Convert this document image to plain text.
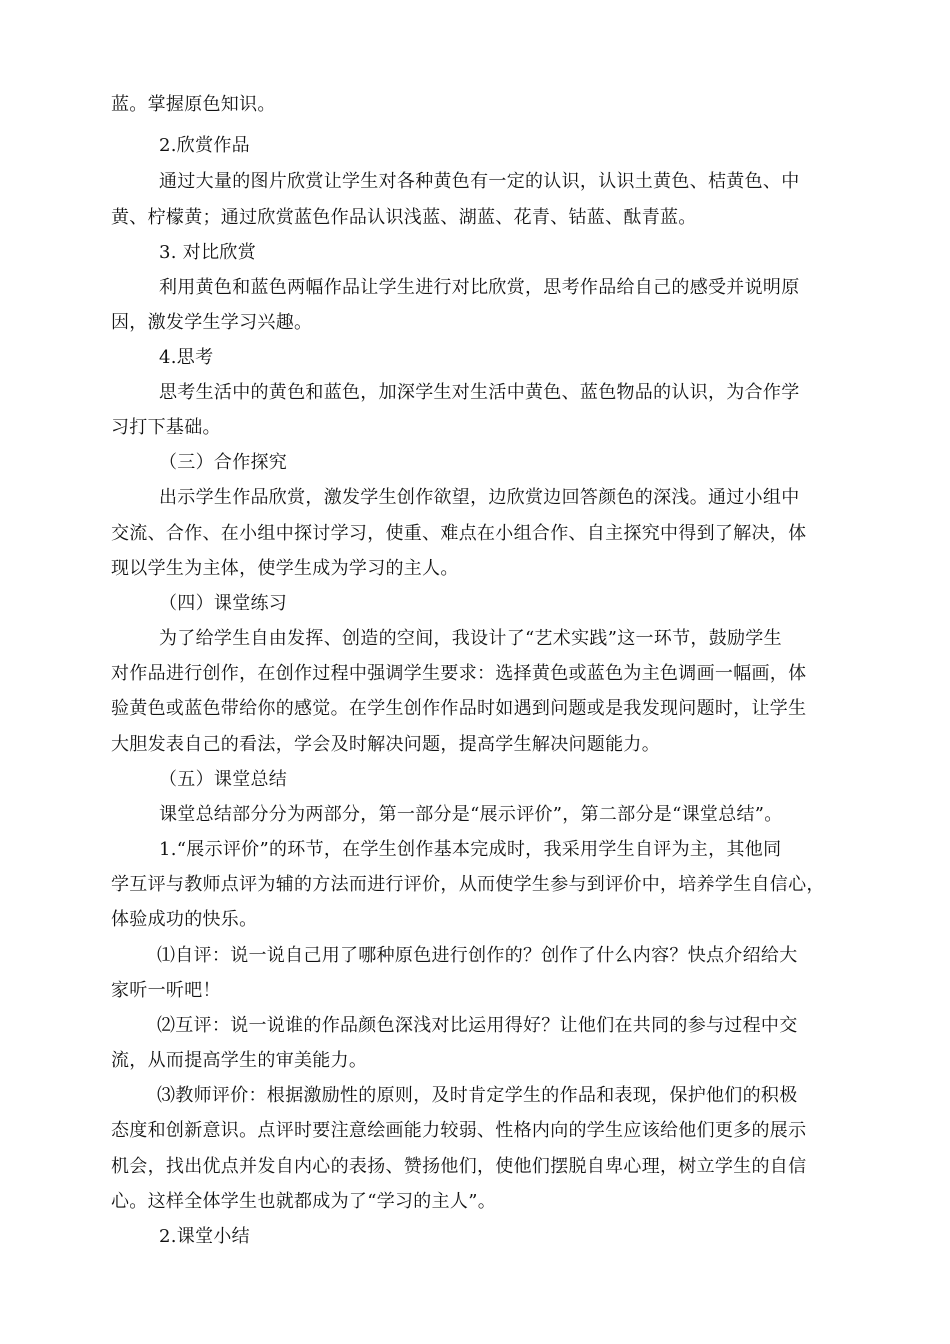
蓝。掌握原色知识。
2.欣赏作品
通过大量的图片欣赏让学生对各种黄色有一定的认识，认识土黄色、桔黄色、中
黄、柠檬黄；通过欣赏蓝色作品认识浅蓝、湖蓝、花青、钴蓝、酞青蓝。
3. 对比欣赏
利用黄色和蓝色两幅作品让学生进行对比欣赏，思考作品给自己的感受并说明原
因，激发学生学习兴趣。
4.思考
思考生活中的黄色和蓝色，加深学生对生活中黄色、蓝色物品的认识，为合作学
习打下基础。
（三）合作探究
出示学生作品欣赏，激发学生创作欲望，边欣赏边回答颜色的深浅。通过小组中
交流、合作、在小组中探讨学习，使重、难点在小组合作、自主探究中得到了解决，体
现以学生为主体，使学生成为学习的主人。
（四）课堂练习
为了给学生自由发挥、创造的空间，我设计了“艺术实践”这一环节，鼓励学生
对作品进行创作，在创作过程中强调学生要求：选择黄色或蓝色为主色调画一幅画，体
验黄色或蓝色带给你的感觉。在学生创作作品时如遇到问题或是我发现问题时，让学生
大胆发表自己的看法，学会及时解决问题，提高学生解决问题能力。
（五）课堂总结
课堂总结部分分为两部分，第一部分是“展示评价”，第二部分是“课堂总结”。
1.“展示评价”的环节，在学生创作基本完成时，我采用学生自评为主，其他同
学互评与教师点评为辅的方法而进行评价，从而使学生参与到评价中，培养学生自信心，
体验成功的快乐。
⑴自评：说一说自己用了哪种原色进行创作的？创作了什么内容？快点介绍给大
家听一听吧！
⑵互评：说一说谁的作品颜色深浅对比运用得好？让他们在共同的参与过程中交
流，从而提高学生的审美能力。
⑶教师评价：根据激励性的原则，及时肯定学生的作品和表现，保护他们的积极
态度和创新意识。点评时要注意绘画能力较弱、性格内向的学生应该给他们更多的展示
机会，找出优点并发自内心的表扬、赞扬他们，使他们摆脱自卑心理，树立学生的自信
心。这样全体学生也就都成为了“学习的主人”。
2.课堂小结
